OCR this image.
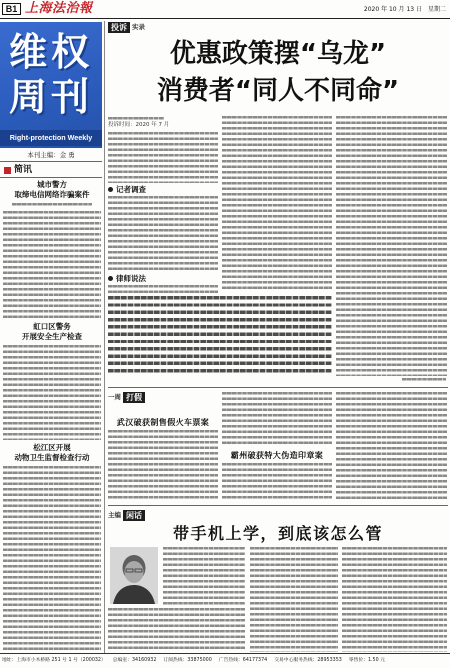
B1 上海法治報	2020 年 10 月 13 日 星期二
维权
周刊
Right-protection Weekly
本刊主编：金 勇
简讯
城市警方
取缔电信网络诈骗案件
虹口区警务
开展安全生产检查
松江区开展
动物卫生监督检查行动
投诉 实录
优惠政策摆“乌龙”
消费者“同人不同命”
投诉时间：2020 年 7 月
记者调查
律师说法
一周 打假
武汉破获制售假火车票案
霸州破获特大伪造印章案
主编 闲话
带手机上学，到底该怎么管
地址：上海市小木桥路 251 号 1 号（200032） 总编室：34160932 订阅热线：33875000 广告热线：64177374 交易中心服务热线：28953353 零售价：1.50 元
